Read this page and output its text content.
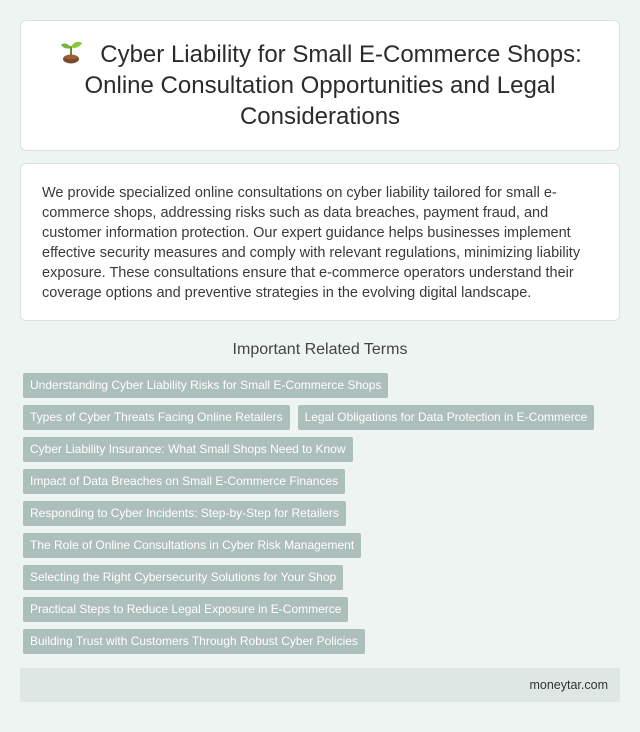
Cyber Liability for Small E-Commerce Shops: Online Consultation Opportunities and Legal Considerations

We provide specialized online consultations on cyber liability tailored for small e-commerce shops, addressing risks such as data breaches, payment fraud, and customer information protection. Our expert guidance helps businesses implement effective security measures and comply with relevant regulations, minimizing liability exposure. These consultations ensure that e-commerce operators understand their coverage options and preventive strategies in the evolving digital landscape.

Important Related Terms
Understanding Cyber Liability Risks for Small E-Commerce Shops
Types of Cyber Threats Facing Online Retailers	Legal Obligations for Data Protection in E-Commerce
Cyber Liability Insurance: What Small Shops Need to Know
Impact of Data Breaches on Small E-Commerce Finances
Responding to Cyber Incidents: Step-by-Step for Retailers
The Role of Online Consultations in Cyber Risk Management
Selecting the Right Cybersecurity Solutions for Your Shop
Practical Steps to Reduce Legal Exposure in E-Commerce
Building Trust with Customers Through Robust Cyber Policies
moneytar.com
